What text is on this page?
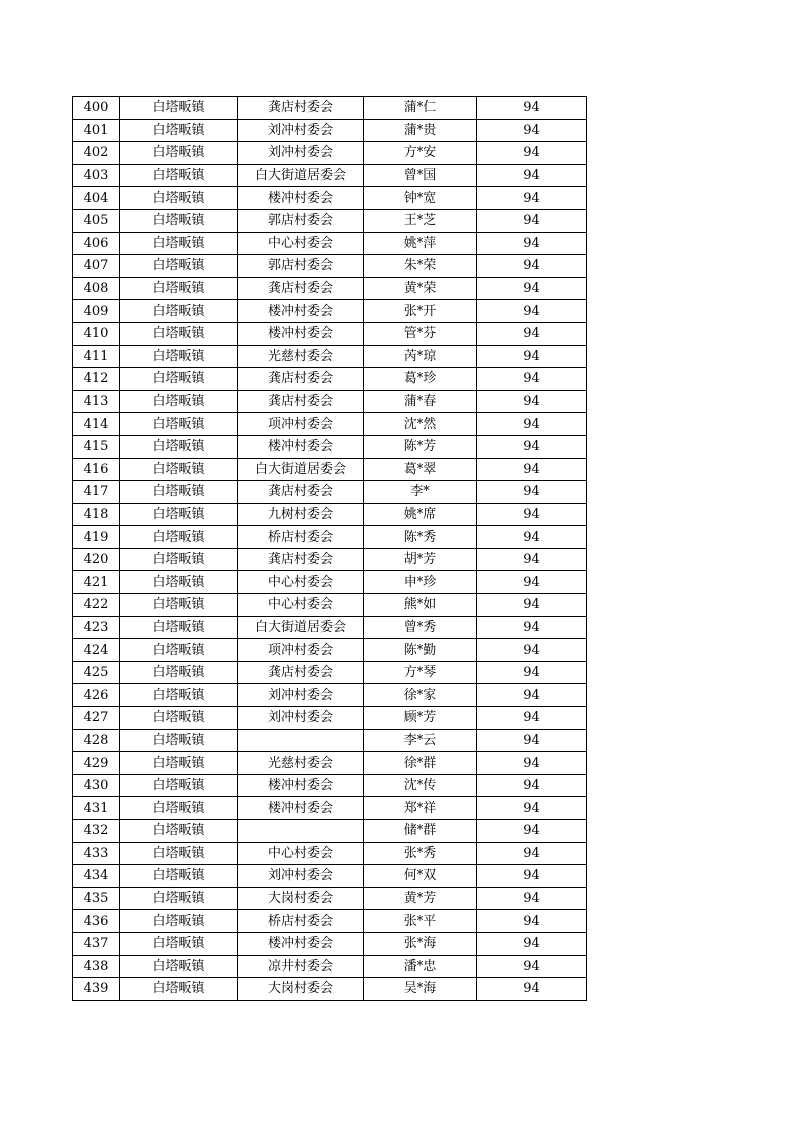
400	白塔畈镇	龚店村委会	蒲*仁	94
401	白塔畈镇	刘冲村委会	蒲*贵	94
402	白塔畈镇	刘冲村委会	方*安	94
403	白塔畈镇	白大街道居委会	曾*国	94
404	白塔畈镇	楼冲村委会	钟*宽	94
405	白塔畈镇	郭店村委会	王*芝	94
406	白塔畈镇	中心村委会	姚*萍	94
407	白塔畈镇	郭店村委会	朱*荣	94
408	白塔畈镇	龚店村委会	黄*荣	94
409	白塔畈镇	楼冲村委会	张*开	94
410	白塔畈镇	楼冲村委会	管*芬	94
411	白塔畈镇	光慈村委会	芮*琼	94
412	白塔畈镇	龚店村委会	葛*珍	94
413	白塔畈镇	龚店村委会	蒲*春	94
414	白塔畈镇	项冲村委会	沈*然	94
415	白塔畈镇	楼冲村委会	陈*芳	94
416	白塔畈镇	白大街道居委会	葛*翠	94
417	白塔畈镇	龚店村委会	李*	94
418	白塔畈镇	九树村委会	姚*席	94
419	白塔畈镇	桥店村委会	陈*秀	94
420	白塔畈镇	龚店村委会	胡*芳	94
421	白塔畈镇	中心村委会	申*珍	94
422	白塔畈镇	中心村委会	熊*如	94
423	白塔畈镇	白大街道居委会	曾*秀	94
424	白塔畈镇	项冲村委会	陈*勤	94
425	白塔畈镇	龚店村委会	方*琴	94
426	白塔畈镇	刘冲村委会	徐*家	94
427	白塔畈镇	刘冲村委会	顾*芳	94
428	白塔畈镇		李*云	94
429	白塔畈镇	光慈村委会	徐*群	94
430	白塔畈镇	楼冲村委会	沈*传	94
431	白塔畈镇	楼冲村委会	郑*祥	94
432	白塔畈镇		储*群	94
433	白塔畈镇	中心村委会	张*秀	94
434	白塔畈镇	刘冲村委会	何*双	94
435	白塔畈镇	大岗村委会	黄*芳	94
436	白塔畈镇	桥店村委会	张*平	94
437	白塔畈镇	楼冲村委会	张*海	94
438	白塔畈镇	凉井村委会	潘*忠	94
439	白塔畈镇	大岗村委会	吴*海	94
